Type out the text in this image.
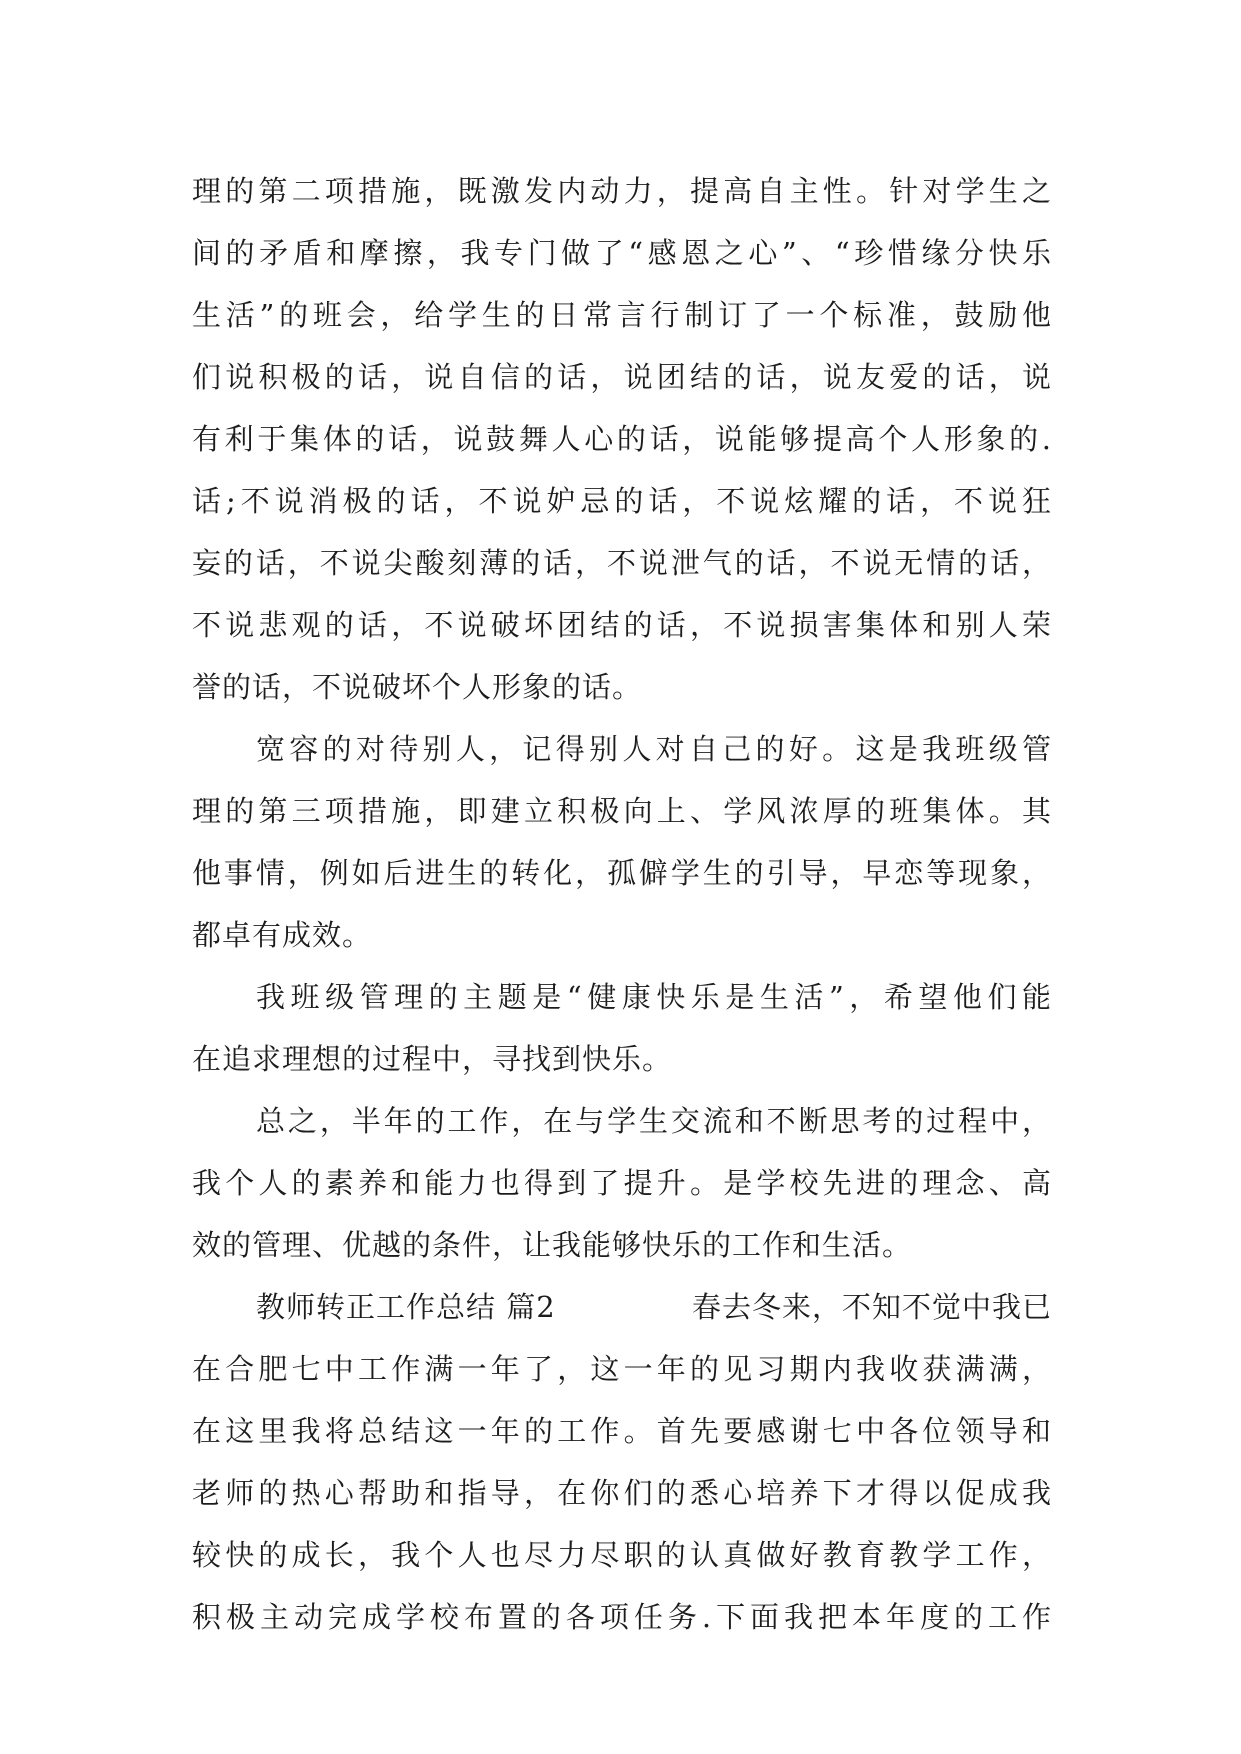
理的第二项措施，既激发内动力，提高自主性。针对学生之
间的矛盾和摩擦，我专门做了“感恩之心”、“珍惜缘分快乐
生活”的班会，给学生的日常言行制订了一个标准，鼓励他
们说积极的话，说自信的话，说团结的话，说友爱的话，说
有利于集体的话，说鼓舞人心的话，说能够提高个人形象的.
话;不说消极的话，不说妒忌的话，不说炫耀的话，不说狂
妄的话，不说尖酸刻薄的话，不说泄气的话，不说无情的话，
不说悲观的话，不说破坏团结的话，不说损害集体和别人荣
誉的话，不说破坏个人形象的话。
宽容的对待别人，记得别人对自己的好。这是我班级管
理的第三项措施，即建立积极向上、学风浓厚的班集体。其
他事情，例如后进生的转化，孤僻学生的引导，早恋等现象，
都卓有成效。
我班级管理的主题是“健康快乐是生活”，希望他们能
在追求理想的过程中，寻找到快乐。
总之，半年的工作，在与学生交流和不断思考的过程中，
我个人的素养和能力也得到了提升。是学校先进的理念、高
效的管理、优越的条件，让我能够快乐的工作和生活。
教师转正工作总结 篇2	春去冬来，不知不觉中我已
在合肥七中工作满一年了，这一年的见习期内我收获满满，
在这里我将总结这一年的工作。首先要感谢七中各位领导和
老师的热心帮助和指导，在你们的悉心培养下才得以促成我
较快的成长，我个人也尽力尽职的认真做好教育教学工作，
积极主动完成学校布置的各项任务.下面我把本年度的工作
